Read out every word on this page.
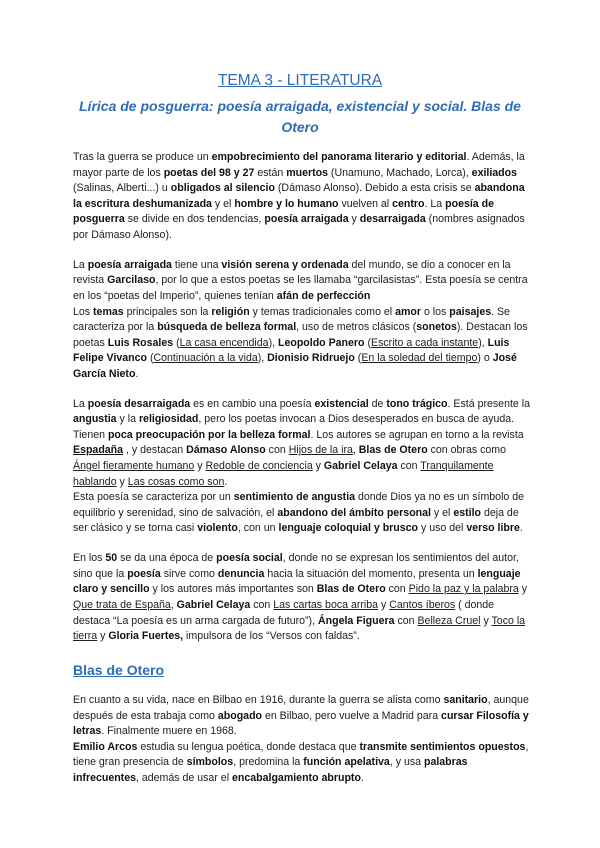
TEMA 3 - LITERATURA
Lírica de posguerra: poesía arraigada, existencial y social. Blas de Otero

Tras la guerra se produce un empobrecimiento del panorama literario y editorial. Además, la mayor parte de los poetas del 98 y 27 están muertos (Unamuno, Machado, Lorca), exiliados (Salinas, Alberti...) u obligados al silencio (Dámaso Alonso). Debido a esta crisis se abandona la escritura deshumanizada y el hombre y lo humano vuelven al centro. La poesía de posguerra se divide en dos tendencias, poesía arraigada y desarraigada (nombres asignados por Dámaso Alonso).

La poesía arraigada tiene una visión serena y ordenada del mundo, se dio a conocer en la revista Garcilaso, por lo que a estos poetas se les llamaba “garcilasistas”. Esta poesía se centra en los “poetas del Imperio”, quienes tenían afán de perfección
Los temas principales son la religión y temas tradicionales como el amor o los paisajes. Se caracteriza por la búsqueda de belleza formal, uso de metros clásicos (sonetos). Destacan los poetas Luis Rosales (La casa encendida), Leopoldo Panero (Escrito a cada instante), Luis Felipe Vivanco (Continuación a la vida), Dionisio Ridruejo (En la soledad del tiempo) o José García Nieto.

La poesía desarraigada es en cambio una poesía existencial de tono trágico. Está presente la angustia y la religiosidad, pero los poetas invocan a Dios desesperados en busca de ayuda. Tienen poca preocupación por la belleza formal. Los autores se agrupan en torno a la revista Espadaña , y destacan Dámaso Alonso con Hijos de la ira, Blas de Otero con obras como Ángel fieramente humano y Redoble de conciencia y Gabriel Celaya con Tranquilamente hablando y Las cosas como son.
Esta poesía se caracteriza por un sentimiento de angustia donde Dios ya no es un símbolo de equilibrio y serenidad, sino de salvación, el abandono del ámbito personal y el estilo deja de ser clásico y se torna casi violento, con un lenguaje coloquial y brusco y uso del verso libre.

En los 50 se da una época de poesía social, donde no se expresan los sentimientos del autor, sino que la poesía sirve como denuncia hacia la situación del momento, presenta un lenguaje claro y sencillo y los autores más importantes son Blas de Otero con Pido la paz y la palabra y Que trata de España, Gabriel Celaya con Las cartas boca arriba y Cantos íberos ( donde destaca “La poesía es un arma cargada de futuro”), Ángela Figuera con Belleza Cruel y Toco la tierra y Gloria Fuertes, impulsora de los “Versos con faldas”.

Blas de Otero

En cuanto a su vida, nace en Bilbao en 1916, durante la guerra se alista como sanitario, aunque después de esta trabaja como abogado en Bilbao, pero vuelve a Madrid para cursar Filosofía y letras. Finalmente muere en 1968.
Emilio Arcos estudia su lengua poética, donde destaca que transmite sentimientos opuestos, tiene gran presencia de símbolos, predomina la función apelativa, y usa palabras infrecuentes, además de usar el encabalgamiento abrupto.
